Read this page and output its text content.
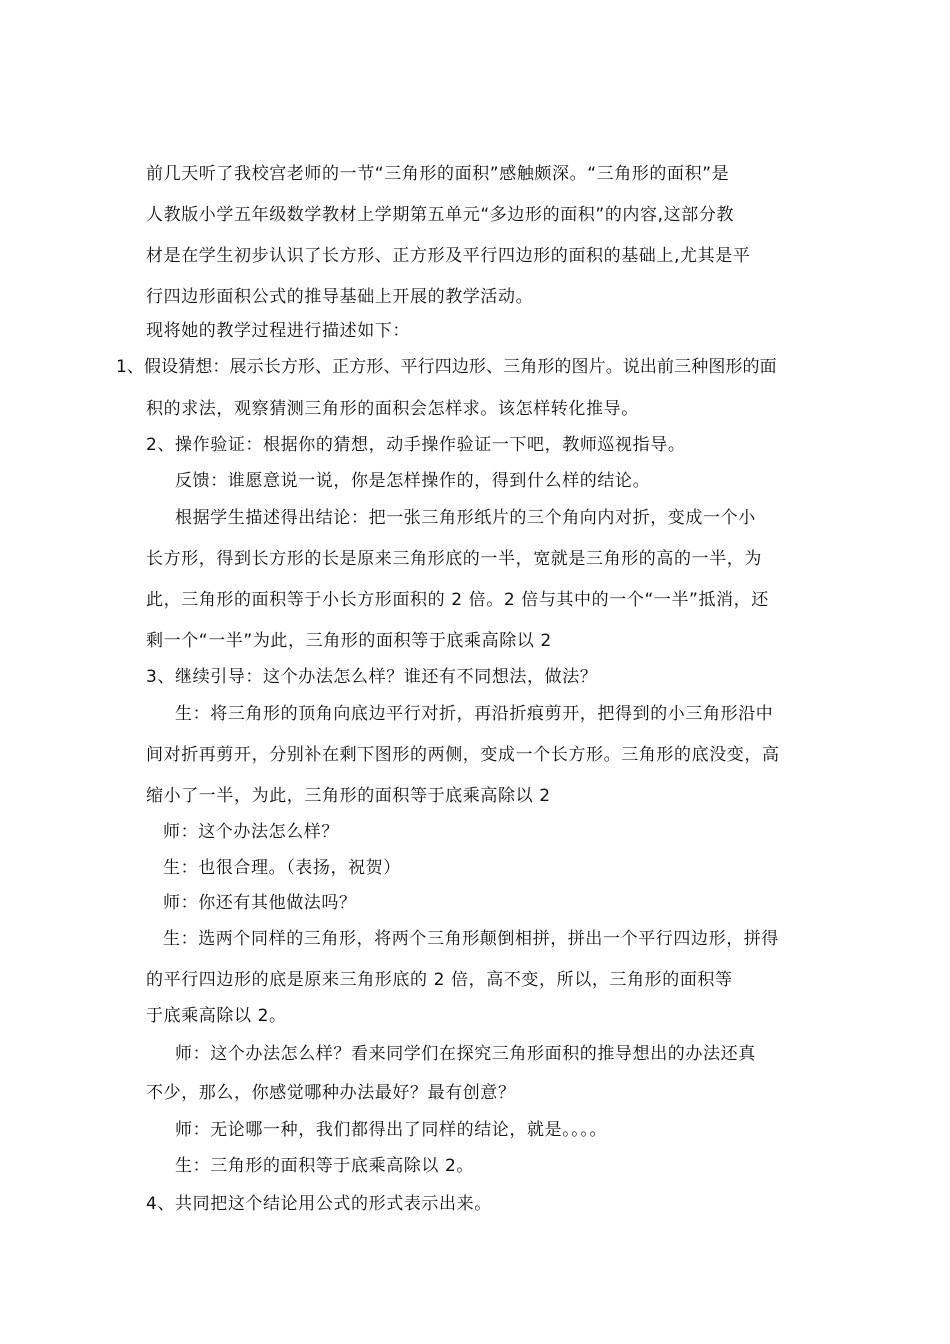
前几天听了我校宫老师的一节“三角形的面积”感触颇深。“三角形的面积”是
人教版小学五年级数学教材上学期第五单元“多边形的面积”的内容,这部分教
材是在学生初步认识了长方形、正方形及平行四边形的面积的基础上,尤其是平
行四边形面积公式的推导基础上开展的教学活动。
现将她的教学过程进行描述如下：
1、假设猜想：展示长方形、正方形、平行四边形、三角形的图片。说出前三种图形的面
积的求法，观察猜测三角形的面积会怎样求。该怎样转化推导。
2、操作验证：根据你的猜想，动手操作验证一下吧，教师巡视指导。
反馈：谁愿意说一说，你是怎样操作的，得到什么样的结论。
根据学生描述得出结论：把一张三角形纸片的三个角向内对折，变成一个小
长方形，得到长方形的长是原来三角形底的一半，宽就是三角形的高的一半，为
此，三角形的面积等于小长方形面积的 2 倍。2 倍与其中的一个“一半”抵消，还
剩一个“一半”为此，三角形的面积等于底乘高除以 2
3、继续引导：这个办法怎么样？谁还有不同想法，做法？
生：将三角形的顶角向底边平行对折，再沿折痕剪开，把得到的小三角形沿中
间对折再剪开，分别补在剩下图形的两侧，变成一个长方形。三角形的底没变，高
缩小了一半，为此，三角形的面积等于底乘高除以 2
师：这个办法怎么样？
生：也很合理。（表扬，祝贺）
师：你还有其他做法吗？
生：选两个同样的三角形，将两个三角形颠倒相拼，拼出一个平行四边形，拼得
的平行四边形的底是原来三角形底的 2 倍，高不变，所以，三角形的面积等
于底乘高除以 2。
师：这个办法怎么样？看来同学们在探究三角形面积的推导想出的办法还真
不少，那么，你感觉哪种办法最好？最有创意？
师：无论哪一种，我们都得出了同样的结论，就是。。。。
生：三角形的面积等于底乘高除以 2。
4、共同把这个结论用公式的形式表示出来。
